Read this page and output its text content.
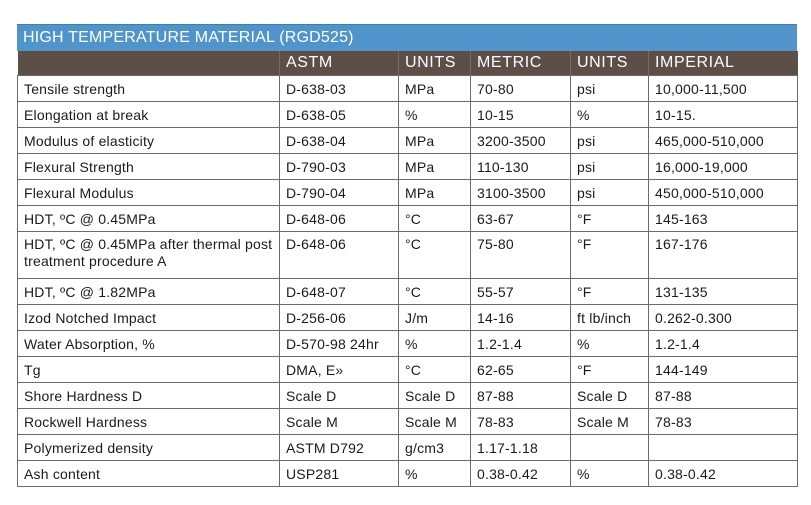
HIGH TEMPERATURE MATERIAL (RGD525)
	ASTM	UNITS	METRIC	UNITS	IMPERIAL
Tensile strength	D-638-03	MPa	70-80	psi	10,000-11,500
Elongation at break	D-638-05	%	10-15	%	10-15.
Modulus of elasticity	D-638-04	MPa	3200-3500	psi	465,000-510,000
Flexural Strength	D-790-03	MPa	110-130	psi	16,000-19,000
Flexural Modulus	D-790-04	MPa	3100-3500	psi	450,000-510,000
HDT, ºC @ 0.45MPa	D-648-06	°C	63-67	°F	145-163
HDT, ºC @ 0.45MPa after thermal post treatment procedure A	D-648-06	°C	75-80	°F	167-176
HDT, ºC @ 1.82MPa	D-648-07	°C	55-57	°F	131-135
Izod Notched Impact	D-256-06	J/m	14-16	ft lb/inch	0.262-0.300
Water Absorption, %	D-570-98 24hr	%	1.2-1.4	%	1.2-1.4
Tg	DMA, E»	°C	62-65	°F	144-149
Shore Hardness D	Scale D	Scale D	87-88	Scale D	87-88
Rockwell Hardness	Scale M	Scale M	78-83	Scale M	78-83
Polymerized density	ASTM D792	g/cm3	1.17-1.18		
Ash content	USP281	%	0.38-0.42	%	0.38-0.42
